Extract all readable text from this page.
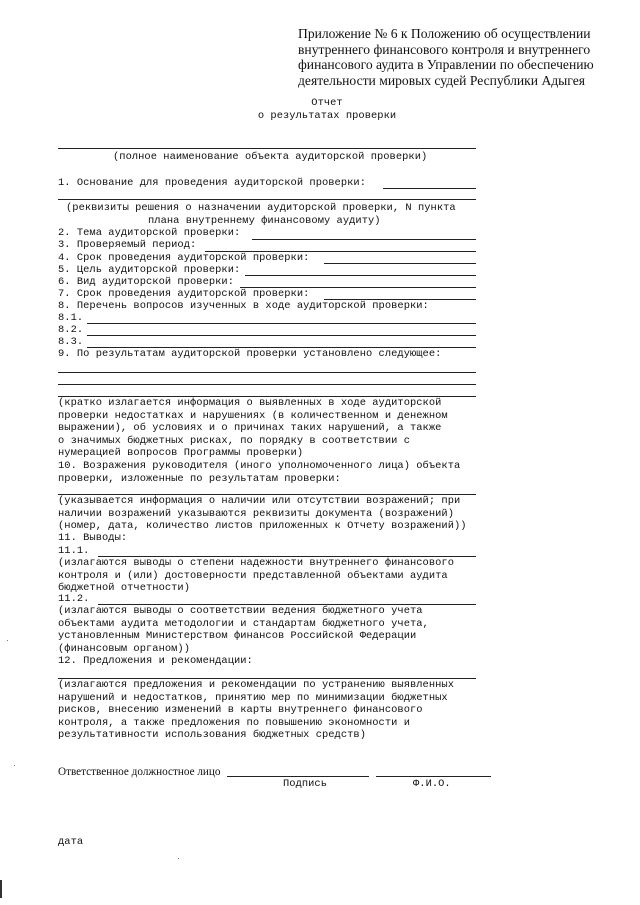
Приложение № 6 к Положению об осуществлении
внутреннего финансового контроля и внутреннего
финансового аудита в Управлении по обеспечению
деятельности мировых судей Республики Адыгея
Отчет
о результатах проверки
(полное наименование объекта аудиторской проверки)
1. Основание для проведения аудиторской проверки:
(реквизиты решения о назначении аудиторской проверки, N пункта
плана внутреннему финансовому аудиту)
2. Тема аудиторской проверки:
3. Проверяемый период:
4. Срок проведения аудиторской проверки:
5. Цель аудиторской проверки:
6. Вид аудиторской проверки:
7. Срок проведения аудиторской проверки:
8. Перечень вопросов изученных в ходе аудиторской проверки:
8.1.
8.2.
8.3.
9. По результатам аудиторской проверки установлено следующее:
(кратко излагается информация о выявленных в ходе аудиторской
проверки недостатках и нарушениях (в количественном и денежном
выражении), об условиях и о причинах таких нарушений, а также
о значимых бюджетных рисках, по порядку в соответствии с
нумерацией вопросов Программы проверки)
10. Возражения руководителя (иного уполномоченного лица) объекта
проверки, изложенные по результатам проверки:
(указывается информация о наличии или отсутствии возражений; при
наличии возражений указываются реквизиты документа (возражений)
(номер, дата, количество листов приложенных к Отчету возражений))
11. Выводы:
11.1.
(излагаются выводы о степени надежности внутреннего финансового
контроля и (или) достоверности представленной объектами аудита
бюджетной отчетности)
11.2.
(излагаются выводы о соответствии ведения бюджетного учета
объектами аудита методологии и стандартам бюджетного учета,
установленным Министерством финансов Российской Федерации
(финансовым органом))
12. Предложения и рекомендации:
(излагаются предложения и рекомендации по устранению выявленных
нарушений и недостатков, принятию мер по минимизации бюджетных
рисков, внесению изменений в карты внутреннего финансового
контроля, а также предложения по повышению экономности и
результативности использования бюджетных средств)
Ответственное должностное лицо
Подпись	Ф.И.О.
дата
